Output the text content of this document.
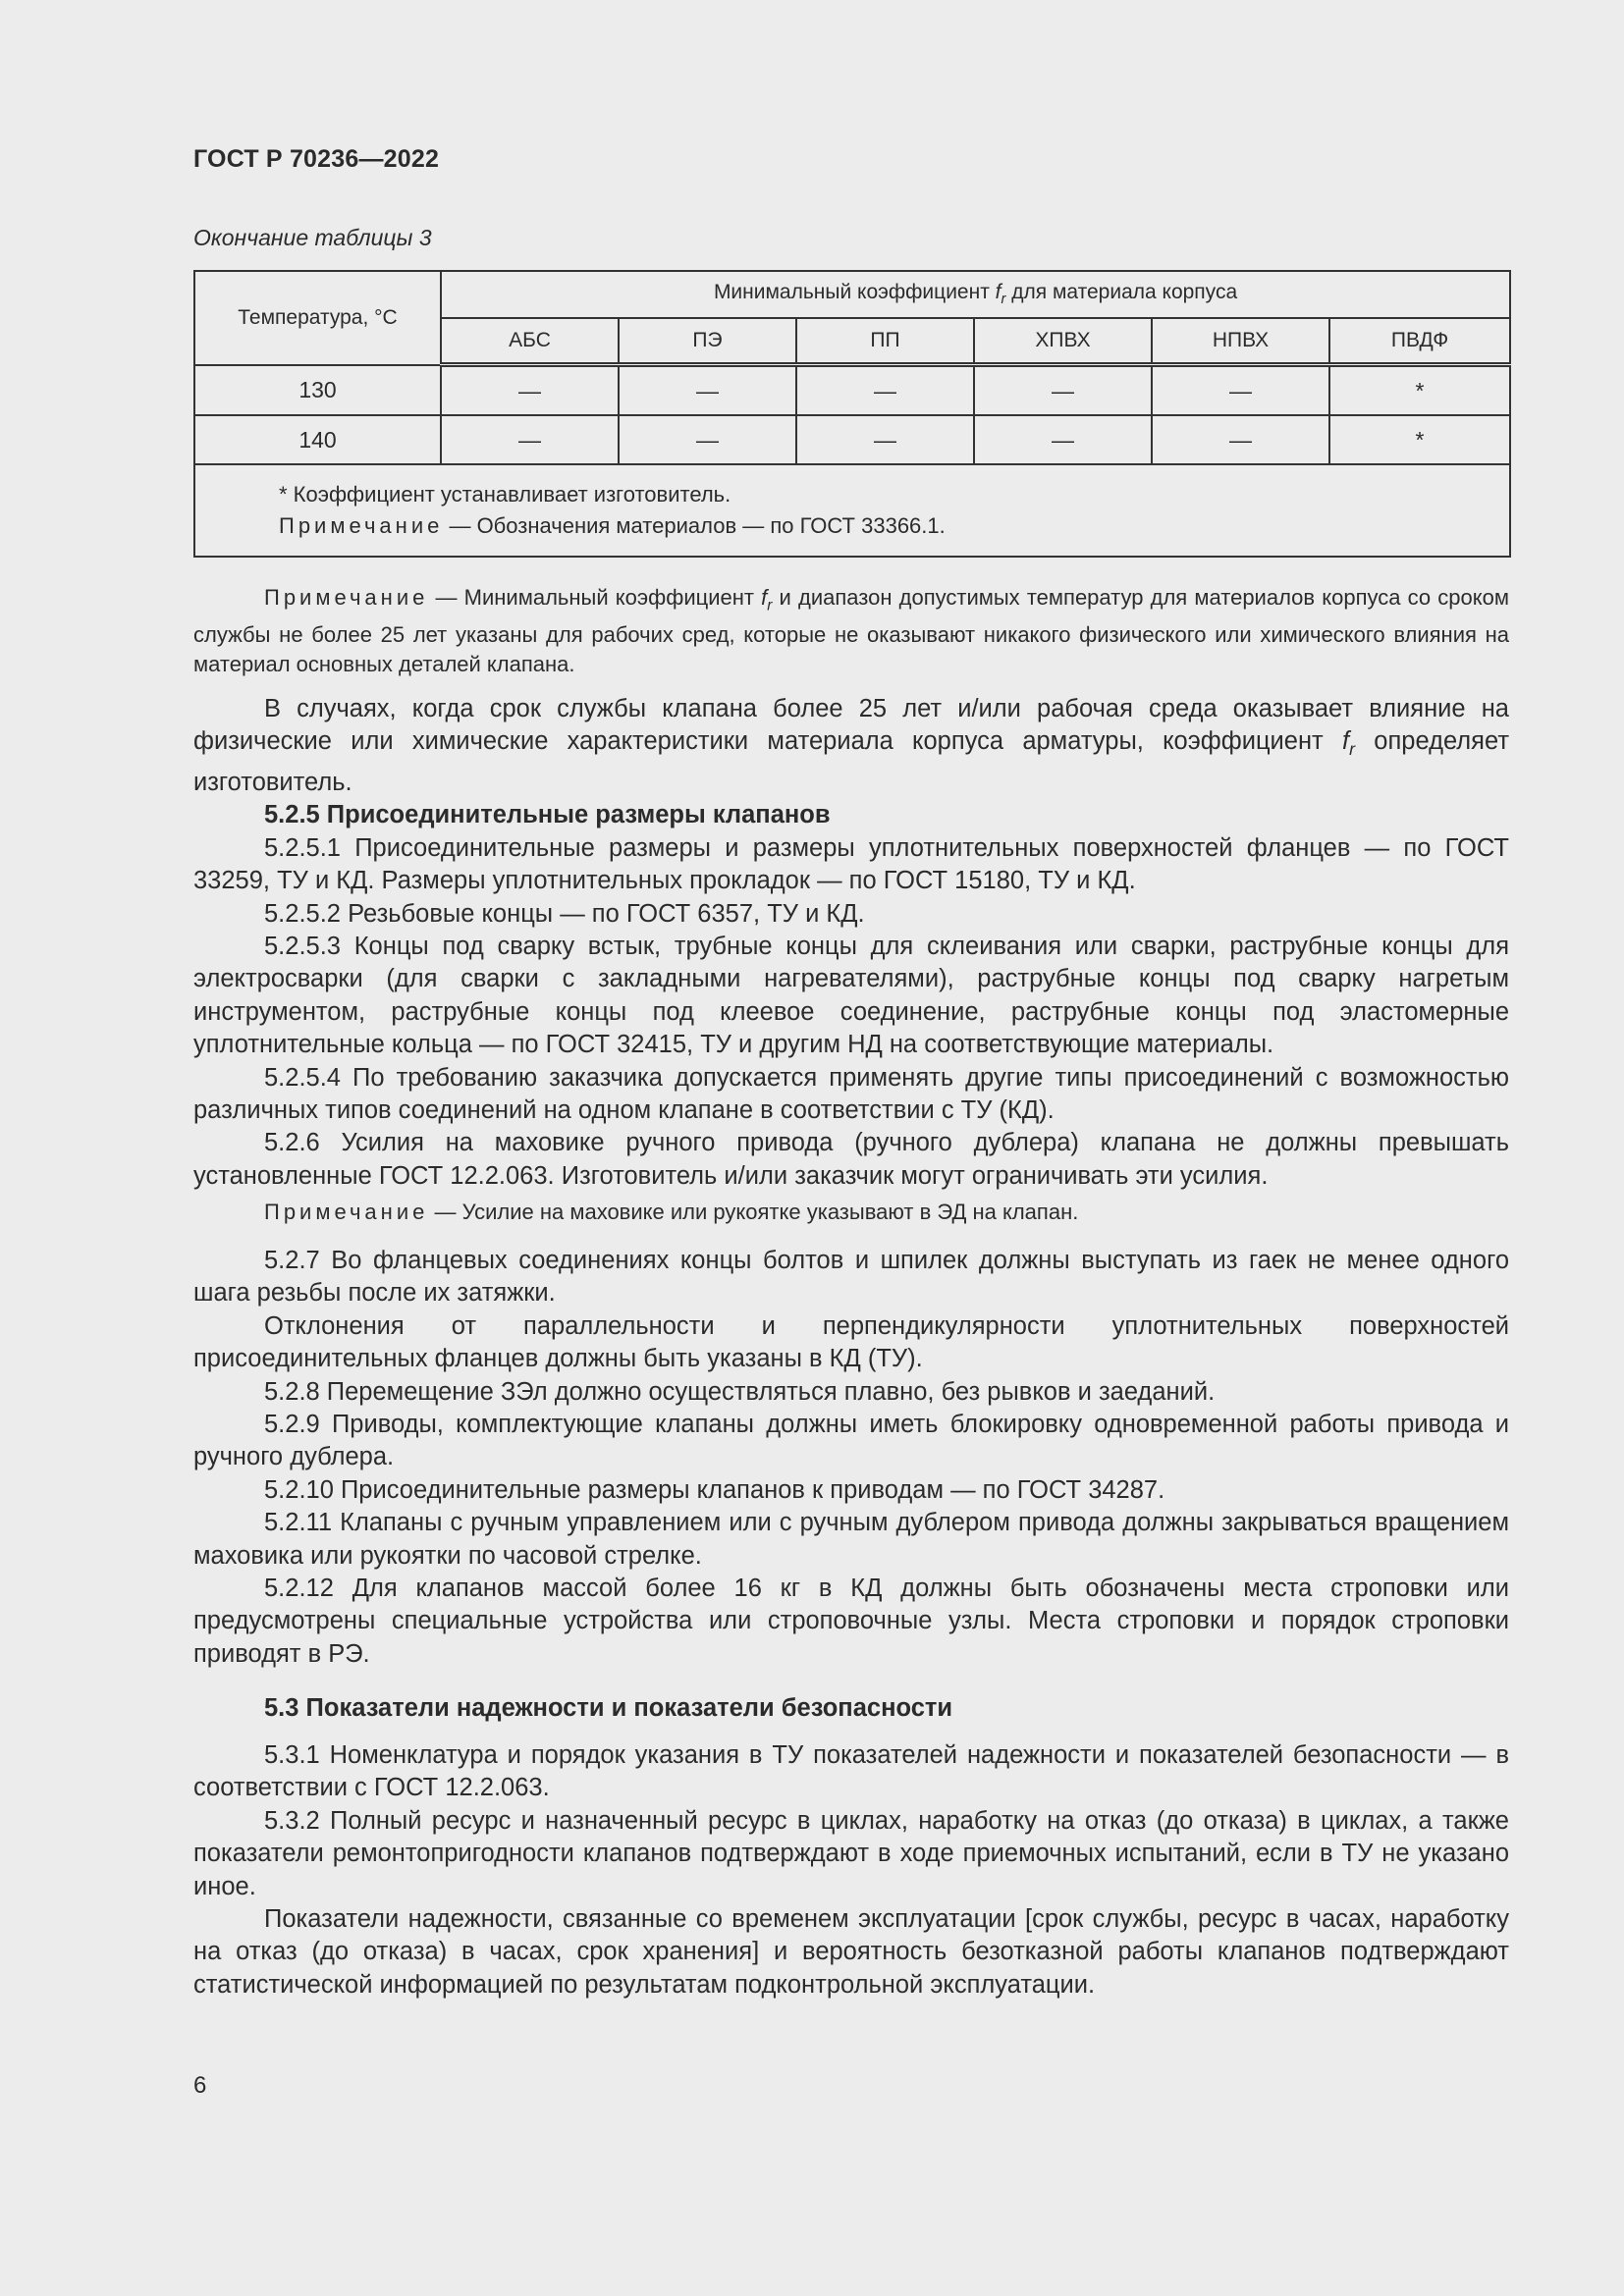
ГОСТ Р 70236—2022
Окончание таблицы 3
Температура, °С	Минимальный коэффициент $f_r$ для материала корпуса					
	АБС	ПЭ	ПП	ХПВХ	НПВХ	ПВДФ
130	—	—	—	—	—	*
140	—	—	—	—	—	*

* Коэффициент устанавливает изготовитель.
Примечание — Обозначения материалов — по ГОСТ 33366.1.						

Примечание — Минимальный коэффициент $f_r$ и диапазон допустимых температур для материалов корпуса со сроком службы не более 25 лет указаны для рабочих сред, которые не оказывают никакого физического или химического влияния на материал основных деталей клапана.

В случаях, когда срок службы клапана более 25 лет и/или рабочая среда оказывает влияние на физические или химические характеристики материала корпуса арматуры, коэффициент $f_r$ определяет изготовитель.

5.2.5 Присоединительные размеры клапанов

5.2.5.1 Присоединительные размеры и размеры уплотнительных поверхностей фланцев — по ГОСТ 33259, ТУ и КД. Размеры уплотнительных прокладок — по ГОСТ 15180, ТУ и КД.

5.2.5.2 Резьбовые концы — по ГОСТ 6357, ТУ и КД.

5.2.5.3 Концы под сварку встык, трубные концы для склеивания или сварки, раструбные концы для электросварки (для сварки с закладными нагревателями), раструбные концы под сварку нагретым инструментом, раструбные концы под клеевое соединение, раструбные концы под эластомерные уплотнительные кольца — по ГОСТ 32415, ТУ и другим НД на соответствующие материалы.

5.2.5.4 По требованию заказчика допускается применять другие типы присоединений с возможностью различных типов соединений на одном клапане в соответствии с ТУ (КД).

5.2.6 Усилия на маховике ручного привода (ручного дублера) клапана не должны превышать установленные ГОСТ 12.2.063. Изготовитель и/или заказчик могут ограничивать эти усилия.

Примечание — Усилие на маховике или рукоятке указывают в ЭД на клапан.

5.2.7 Во фланцевых соединениях концы болтов и шпилек должны выступать из гаек не менее одного шага резьбы после их затяжки.

Отклонения от параллельности и перпендикулярности уплотнительных поверхностей присоединительных фланцев должны быть указаны в КД (ТУ).

5.2.8 Перемещение ЗЭл должно осуществляться плавно, без рывков и заеданий.

5.2.9 Приводы, комплектующие клапаны должны иметь блокировку одновременной работы привода и ручного дублера.

5.2.10 Присоединительные размеры клапанов к приводам — по ГОСТ 34287.

5.2.11 Клапаны с ручным управлением или с ручным дублером привода должны закрываться вращением маховика или рукоятки по часовой стрелке.

5.2.12 Для клапанов массой более 16 кг в КД должны быть обозначены места строповки или предусмотрены специальные устройства или строповочные узлы. Места строповки и порядок строповки приводят в РЭ.

5.3 Показатели надежности и показатели безопасности

5.3.1 Номенклатура и порядок указания в ТУ показателей надежности и показателей безопасности — в соответствии с ГОСТ 12.2.063.

5.3.2 Полный ресурс и назначенный ресурс в циклах, наработку на отказ (до отказа) в циклах, а также показатели ремонтопригодности клапанов подтверждают в ходе приемочных испытаний, если в ТУ не указано иное.

Показатели надежности, связанные со временем эксплуатации [срок службы, ресурс в часах, наработку на отказ (до отказа) в часах, срок хранения] и вероятность безотказной работы клапанов подтверждают статистической информацией по результатам подконтрольной эксплуатации.

6
